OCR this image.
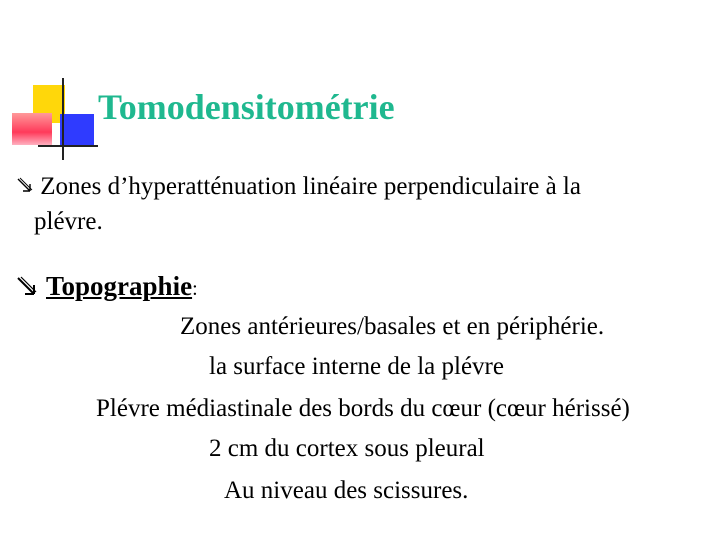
Tomodensitométrie
Zones d’hyperatténuation linéaire perpendiculaire à la
plévre.
Topographie:
Zones antérieures/basales et en périphérie.
la surface interne de la plévre
Plévre médiastinale des bords du cœur (cœur hérissé)
2 cm du cortex sous pleural
Au niveau des scissures.
